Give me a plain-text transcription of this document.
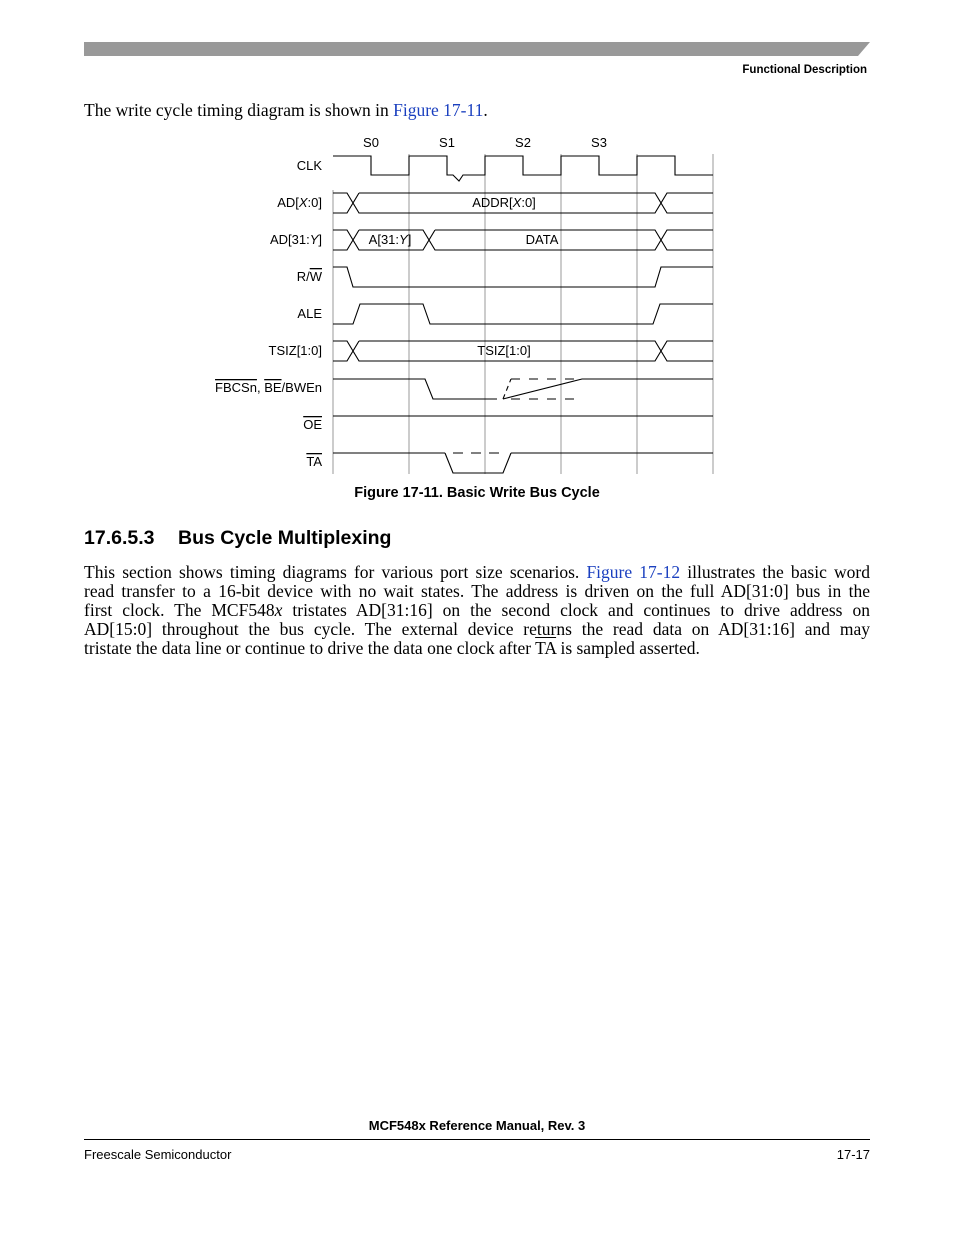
Functional Description
The write cycle timing diagram is shown in Figure 17-11.
S0	S1	S2	S3
CLK
AD[X:0]
AD[31:Y]
R/W
ALE
TSIZ[1:0]
FBCSn, BE/BWEn
OE
TA
ADDR[X:0]
A[31:Y]	DATA
TSIZ[1:0]
Figure 17-11. Basic Write Bus Cycle
17.6.5.3 Bus Cycle Multiplexing
This section shows timing diagrams for various port size scenarios. Figure 17-12 illustrates the basic word
read transfer to a 16-bit device with no wait states. The address is driven on the full AD[31:0] bus in the
first clock. The MCF548x tristates AD[31:16] on the second clock and continues to drive address on
AD[15:0] throughout the bus cycle. The external device returns the read data on AD[31:16] and may
tristate the data line or continue to drive the data one clock after $\overline{TA}$ is sampled asserted.
MCF548x Reference Manual, Rev. 3
Freescale Semiconductor	17-17
